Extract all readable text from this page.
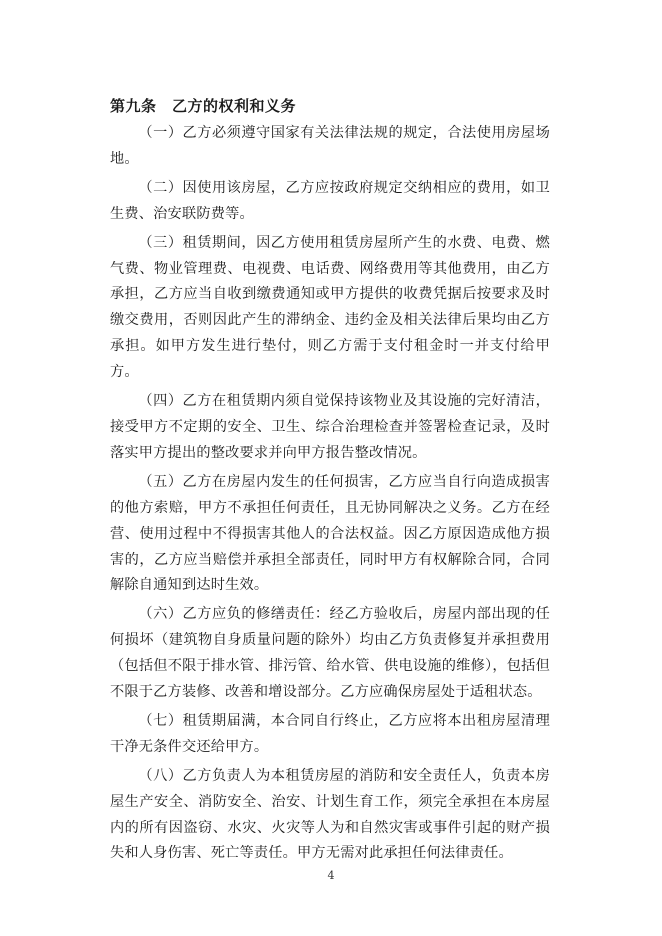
第九条　乙方的权利和义务

（一）乙方必须遵守国家有关法律法规的规定，合法使用房屋场地。

（二）因使用该房屋，乙方应按政府规定交纳相应的费用，如卫生费、治安联防费等。

（三）租赁期间，因乙方使用租赁房屋所产生的水费、电费、燃气费、物业管理费、电视费、电话费、网络费用等其他费用，由乙方承担，乙方应当自收到缴费通知或甲方提供的收费凭据后按要求及时缴交费用，否则因此产生的滞纳金、违约金及相关法律后果均由乙方承担。如甲方发生进行垫付，则乙方需于支付租金时一并支付给甲方。

（四）乙方在租赁期内须自觉保持该物业及其设施的完好清洁，接受甲方不定期的安全、卫生、综合治理检查并签署检查记录，及时落实甲方提出的整改要求并向甲方报告整改情况。

（五）乙方在房屋内发生的任何损害，乙方应当自行向造成损害的他方索赔，甲方不承担任何责任，且无协同解决之义务。乙方在经营、使用过程中不得损害其他人的合法权益。因乙方原因造成他方损害的，乙方应当赔偿并承担全部责任，同时甲方有权解除合同，合同解除自通知到达时生效。

（六）乙方应负的修缮责任：经乙方验收后，房屋内部出现的任何损坏（建筑物自身质量问题的除外）均由乙方负责修复并承担费用（包括但不限于排水管、排污管、给水管、供电设施的维修），包括但不限于乙方装修、改善和增设部分。乙方应确保房屋处于适租状态。

（七）租赁期届满，本合同自行终止，乙方应将本出租房屋清理干净无条件交还给甲方。

（八）乙方负责人为本租赁房屋的消防和安全责任人，负责本房屋生产安全、消防安全、治安、计划生育工作，须完全承担在本房屋内的所有因盗窃、水灾、火灾等人为和自然灾害或事件引起的财产损失和人身伤害、死亡等责任。甲方无需对此承担任何法律责任。

4
